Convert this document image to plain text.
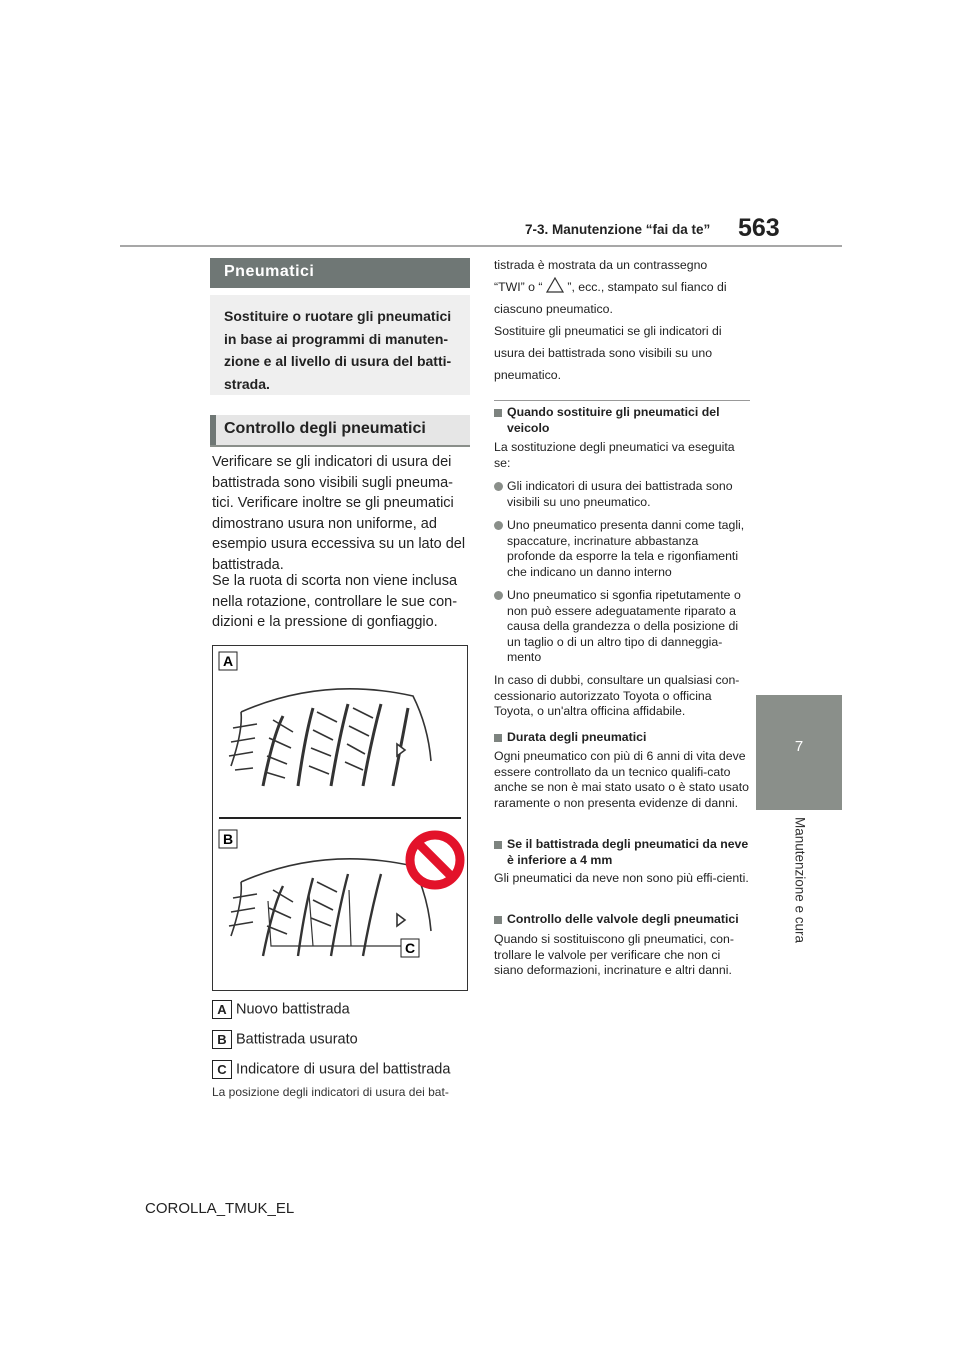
7-3. Manutenzione “fai da te” 563
7
Manutenzione e cura
Pneumatici

Sostituire o ruotare gli pneumatici in base ai programmi di manuten-zione e al livello di usura del batti-strada.

Controllo degli pneumatici
Verificare se gli indicatori di usura dei battistrada sono visibili sugli pneuma-tici. Verificare inoltre se gli pneumatici dimostrano usura non uniforme, ad esempio usura eccessiva su un lato del battistrada.
Se la ruota di scorta non viene inclusa nella rotazione, controllare le sue con-dizioni e la pressione di gonfiaggio.
A
B
C
A Nuovo battistrada
B Battistrada usurato
C Indicatore di usura del battistrada
La posizione degli indicatori di usura dei bat-
tistrada è mostrata da un contrassegno
“TWI” o “ ”, ecc., stampato sul fianco di
ciascuno pneumatico.
Sostituire gli pneumatici se gli indicatori di
usura dei battistrada sono visibili su uno
pneumatico.
Quando sostituire gli pneumatici del veicolo
La sostituzione degli pneumatici va eseguita se:
Gli indicatori di usura dei battistrada sono visibili su uno pneumatico.
Uno pneumatico presenta danni come tagli, spaccature, incrinature abbastanza profonde da esporre la tela e rigonfiamenti che indicano un danno interno
Uno pneumatico si sgonfia ripetutamente o non può essere adeguatamente riparato a causa della grandezza o della posizione di un taglio o di un altro tipo di danneggia-mento
In caso di dubbi, consultare un qualsiasi con-cessionario autorizzato Toyota o officina Toyota, o un'altra officina affidabile.
Durata degli pneumatici
Ogni pneumatico con più di 6 anni di vita deve essere controllato da un tecnico qualifi-cato anche se non è mai stato usato o è stato usato raramente o non presenta evidenze di danni.
Se il battistrada degli pneumatici da neve è inferiore a 4 mm
Gli pneumatici da neve non sono più effi-cienti.
Controllo delle valvole degli pneumatici
Quando si sostituiscono gli pneumatici, con-trollare le valvole per verificare che non ci siano deformazioni, incrinature e altri danni.
COROLLA_TMUK_EL
